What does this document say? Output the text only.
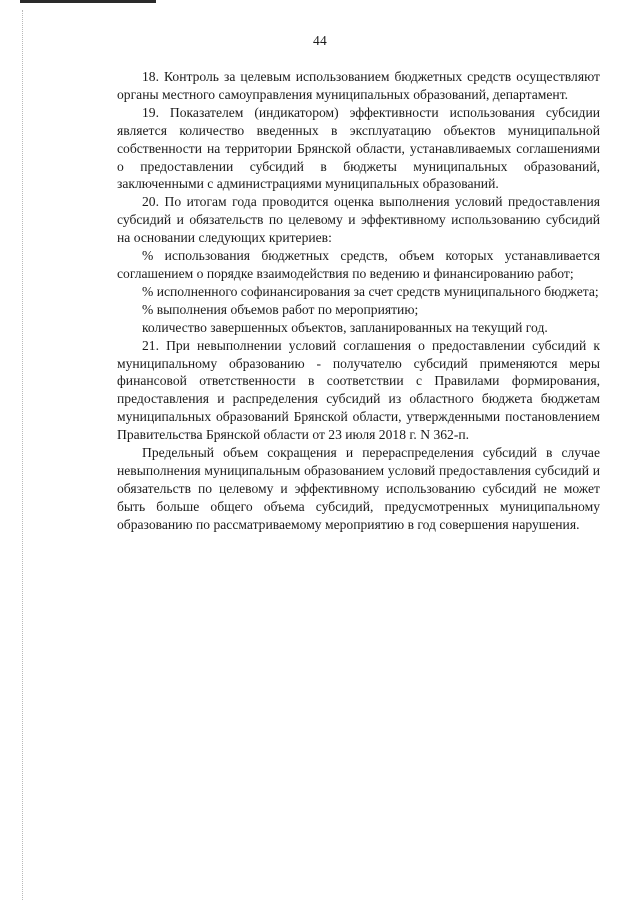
44

18. Контроль за целевым использованием бюджетных средств осуществляют органы местного самоуправления муниципальных образований, департамент.

19. Показателем (индикатором) эффективности использования субсидии является количество введенных в эксплуатацию объектов муниципальной собственности на территории Брянской области, устанавливаемых соглашениями о предоставлении субсидий в бюджеты муниципальных образований, заключенными с администрациями муниципальных образований.

20. По итогам года проводится оценка выполнения условий предоставления субсидий и обязательств по целевому и эффективному использованию субсидий на основании следующих критериев:

% использования бюджетных средств, объем которых устанавливается соглашением о порядке взаимодействия по ведению и финансированию работ;

% исполненного софинансирования за счет средств муниципального бюджета;

% выполнения объемов работ по мероприятию;

количество завершенных объектов, запланированных на текущий год.

21. При невыполнении условий соглашения о предоставлении субсидий к муниципальному образованию - получателю субсидий применяются меры финансовой ответственности в соответствии с Правилами формирования, предоставления и распределения субсидий из областного бюджета бюджетам муниципальных образований Брянской области, утвержденными постановлением Правительства Брянской области от 23 июля 2018 г. N 362-п.

Предельный объем сокращения и перераспределения субсидий в случае невыполнения муниципальным образованием условий предоставления субсидий и обязательств по целевому и эффективному использованию субсидий не может быть больше общего объема субсидий, предусмотренных муниципальному образованию по рассматриваемому мероприятию в год совершения нарушения.
